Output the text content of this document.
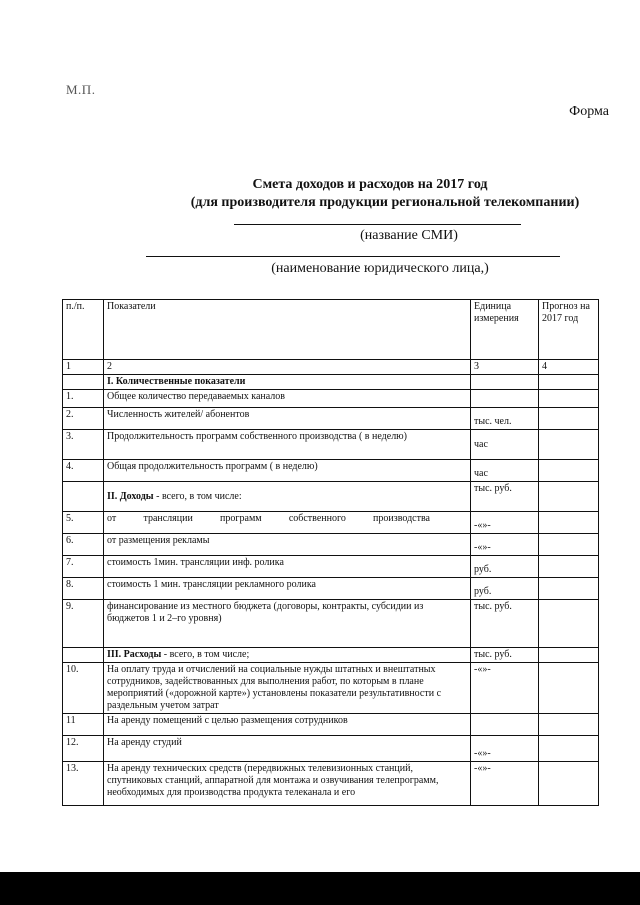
М.П.
Форма
Смета доходов и расходов на 2017 год
(для производителя продукции региональной телекомпании)
(название СМИ)
(наименование юридического лица,)
п./п.	Показатели	Единица измерения	Прогноз на 2017 год
1	2	3	4
	I. Количественные показатели		
1.	Общее количество передаваемых каналов		
2.	Численность жителей/ абонентов	тыс. чел.	
3.	Продолжительность программ собственного производства ( в неделю)	час	
4.	Общая продолжительность программ ( в неделю)	час	
	II. Доходы - всего, в том числе:	тыс. руб.	
5.	от трансляции программ собственного производства	-«»-	
6.	от размещения рекламы	-«»-	
7.	стоимость 1мин. трансляции инф. ролика	руб.	
8.	стоимость 1 мин. трансляции рекламного ролика	руб.	
9.	финансирование из местного бюджета (договоры, контракты, субсидии из бюджетов 1 и 2–го уровня)	тыс. руб.	
	III. Расходы - всего, в том числе;	тыс. руб.	
10.	На оплату труда и отчислений на социальные нужды штатных и внештатных сотрудников, задействованных для выполнения работ, по которым в плане мероприятий («дорожной карте») установлены показатели результативности с раздельным учетом затрат	-«»-	
11	На аренду помещений с целью размещения сотрудников		
12.	На аренду студий	-«»-	
13.	На аренду технических средств (передвижных телевизионных станций, спутниковых станций, аппаратной для монтажа и озвучивания телепрограмм, необходимых для производства продукта телеканала и его	-«»-	
